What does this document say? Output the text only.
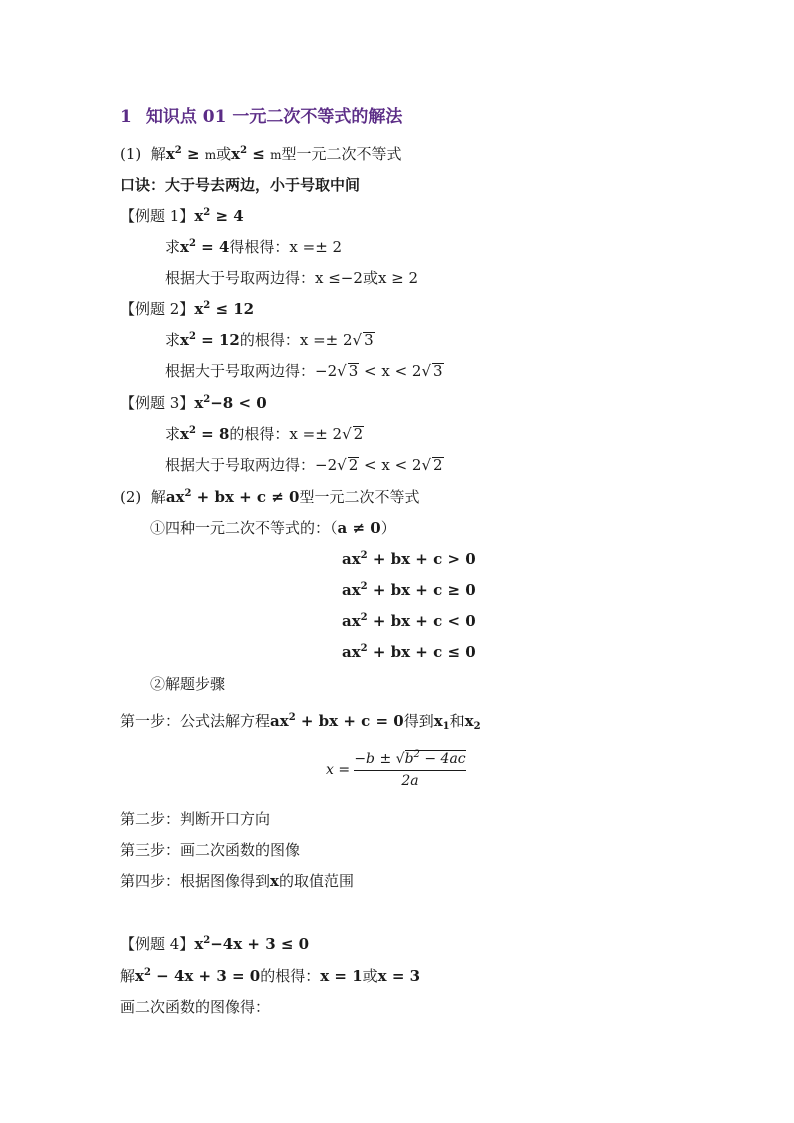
1 知识点 01 一元二次不等式的解法
(1) 解$x^2 \ge m$或$x^2 \le m$型一元二次不等式
口诀：大于号去两边，小于号取中间
【例题 1】$x^2 \ge 4$
求$x^2 = 4$得根得：x =± 2
根据大于号取两边得：x ≤−2或x ≥ 2
【例题 2】$x^2 \le 12$
求$x^2 = 12$的根得：x =± 2√ 3
根据大于号取两边得：−2√ 3 < x < 2√ 3
【例题 3】$x^2-8 < 0$
求$x^2 = 8$的根得：x =± 2√ 2
根据大于号取两边得：−2√ 2 < x < 2√ 2
(2) 解$ax^2$ + bx + c ≠ 0型一元二次不等式
①四种一元二次不等式的：（a ≠ 0）
$ax^2$ + bx + c > 0
$ax^2$ + bx + c ≥ 0
$ax^2$ + bx + c < 0
$ax^2$ + bx + c ≤ 0
②解题步骤
第一步：公式法解方程$ax^2$ + bx + c = 0得到$x_1$和$x_2$
x =
$-b \pm √b^2 - 4ac$
2a
第二步：判断开口方向
第三步：画二次函数的图像
第四步：根据图像得到x的取值范围
【例题 4】$x^2-4x + 3 \le 0$
解$x^2 - 4x + 3 = 0$的根得：x = 1或x = 3
画二次函数的图像得：
